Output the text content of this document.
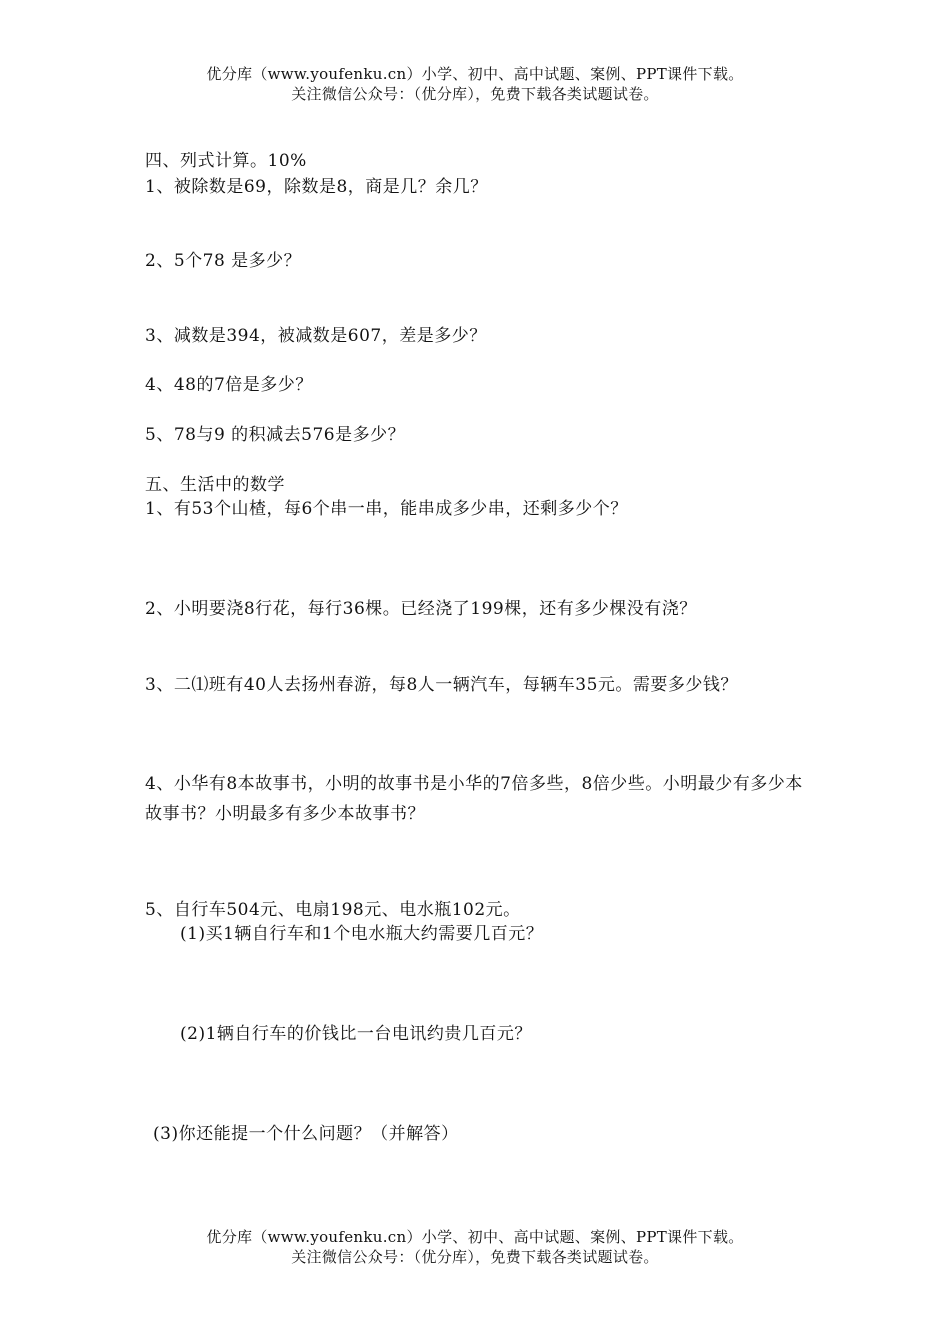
优分库（www.youfenku.cn）小学、初中、高中试题、案例、PPT课件下载。
关注微信公众号：（优分库），免费下载各类试题试卷。
四、列式计算。10%
1、被除数是69，除数是8，商是几？余几？
2、5个78 是多少？
3、减数是394，被减数是607，差是多少？
4、48的7倍是多少？
5、78与9 的积减去576是多少？
五、生活中的数学
1、有53个山楂，每6个串一串，能串成多少串，还剩多少个？
2、小明要浇8行花，每行36棵。已经浇了199棵，还有多少棵没有浇？
3、二⑴班有40人去扬州春游，每8人一辆汽车，每辆车35元。需要多少钱？
4、小华有8本故事书，小明的故事书是小华的7倍多些，8倍少些。小明最少有多少本故事书？小明最多有多少本故事书？
5、自行车504元、电扇198元、电水瓶102元。
(1)买1辆自行车和1个电水瓶大约需要几百元？
(2)1辆自行车的价钱比一台电讯约贵几百元？
(3)你还能提一个什么问题？（并解答）
优分库（www.youfenku.cn）小学、初中、高中试题、案例、PPT课件下载。
关注微信公众号：（优分库），免费下载各类试题试卷。
